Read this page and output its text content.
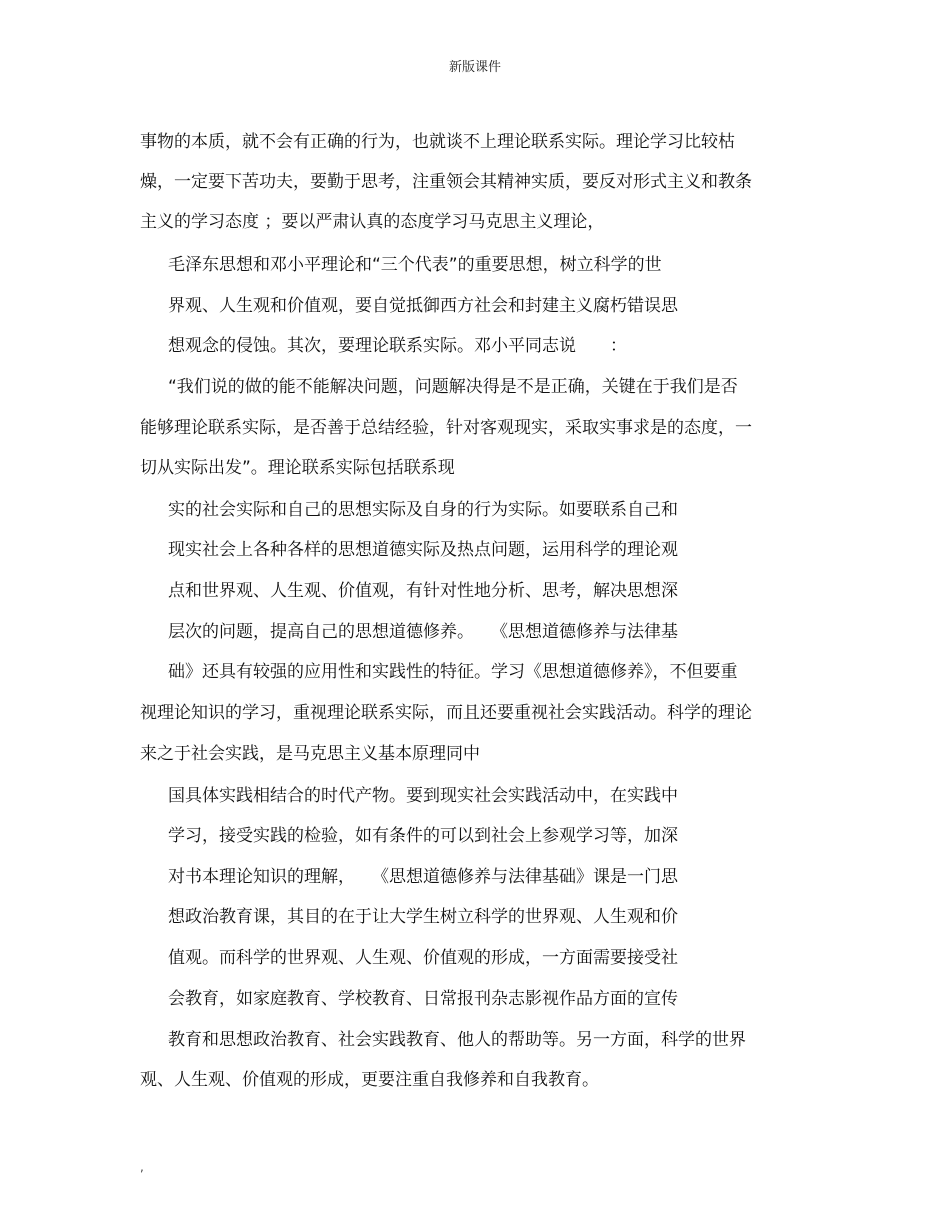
新版课件
事物的本质，就不会有正确的行为，也就谈不上理论联系实际。理论学习比较枯
燥，一定要下苦功夫，要勤于思考，注重领会其精神实质，要反对形式主义和教条
主义的学习态度 ；要以严肃认真的态度学习马克思主义理论，
毛泽东思想和邓小平理论和“三个代表”的重要思想，树立科学的世
界观、人生观和价值观，要自觉抵御西方社会和封建主义腐朽错误思
想观念的侵蚀。其次，要理论联系实际。邓小平同志说　　：
“我们说的做的能不能解决问题，问题解决得是不是正确，关键在于我们是否
能够理论联系实际，是否善于总结经验，针对客观现实，采取实事求是的态度，一
切从实际出发”。理论联系实际包括联系现
实的社会实际和自己的思想实际及自身的行为实际。如要联系自己和
现实社会上各种各样的思想道德实际及热点问题，运用科学的理论观
点和世界观、人生观、价值观，有针对性地分析、思考，解决思想深
层次的问题，提高自己的思想道德修养。　　《思想道德修养与法律基
础》还具有较强的应用性和实践性的特征。学习《思想道德修养》，不但要重
视理论知识的学习，重视理论联系实际，而且还要重视社会实践活动。科学的理论
来之于社会实践，是马克思主义基本原理同中
国具体实践相结合的时代产物。要到现实社会实践活动中，在实践中
学习，接受实践的检验，如有条件的可以到社会上参观学习等，加深
对书本理论知识的理解，　　《思想道德修养与法律基础》课是一门思
想政治教育课，其目的在于让大学生树立科学的世界观、人生观和价
值观。而科学的世界观、人生观、价值观的形成，一方面需要接受社
会教育，如家庭教育、学校教育、日常报刊杂志影视作品方面的宣传
教育和思想政治教育、社会实践教育、他人的帮助等。另一方面，科学的世界
观、人生观、价值观的形成，更要注重自我修养和自我教育。
,
